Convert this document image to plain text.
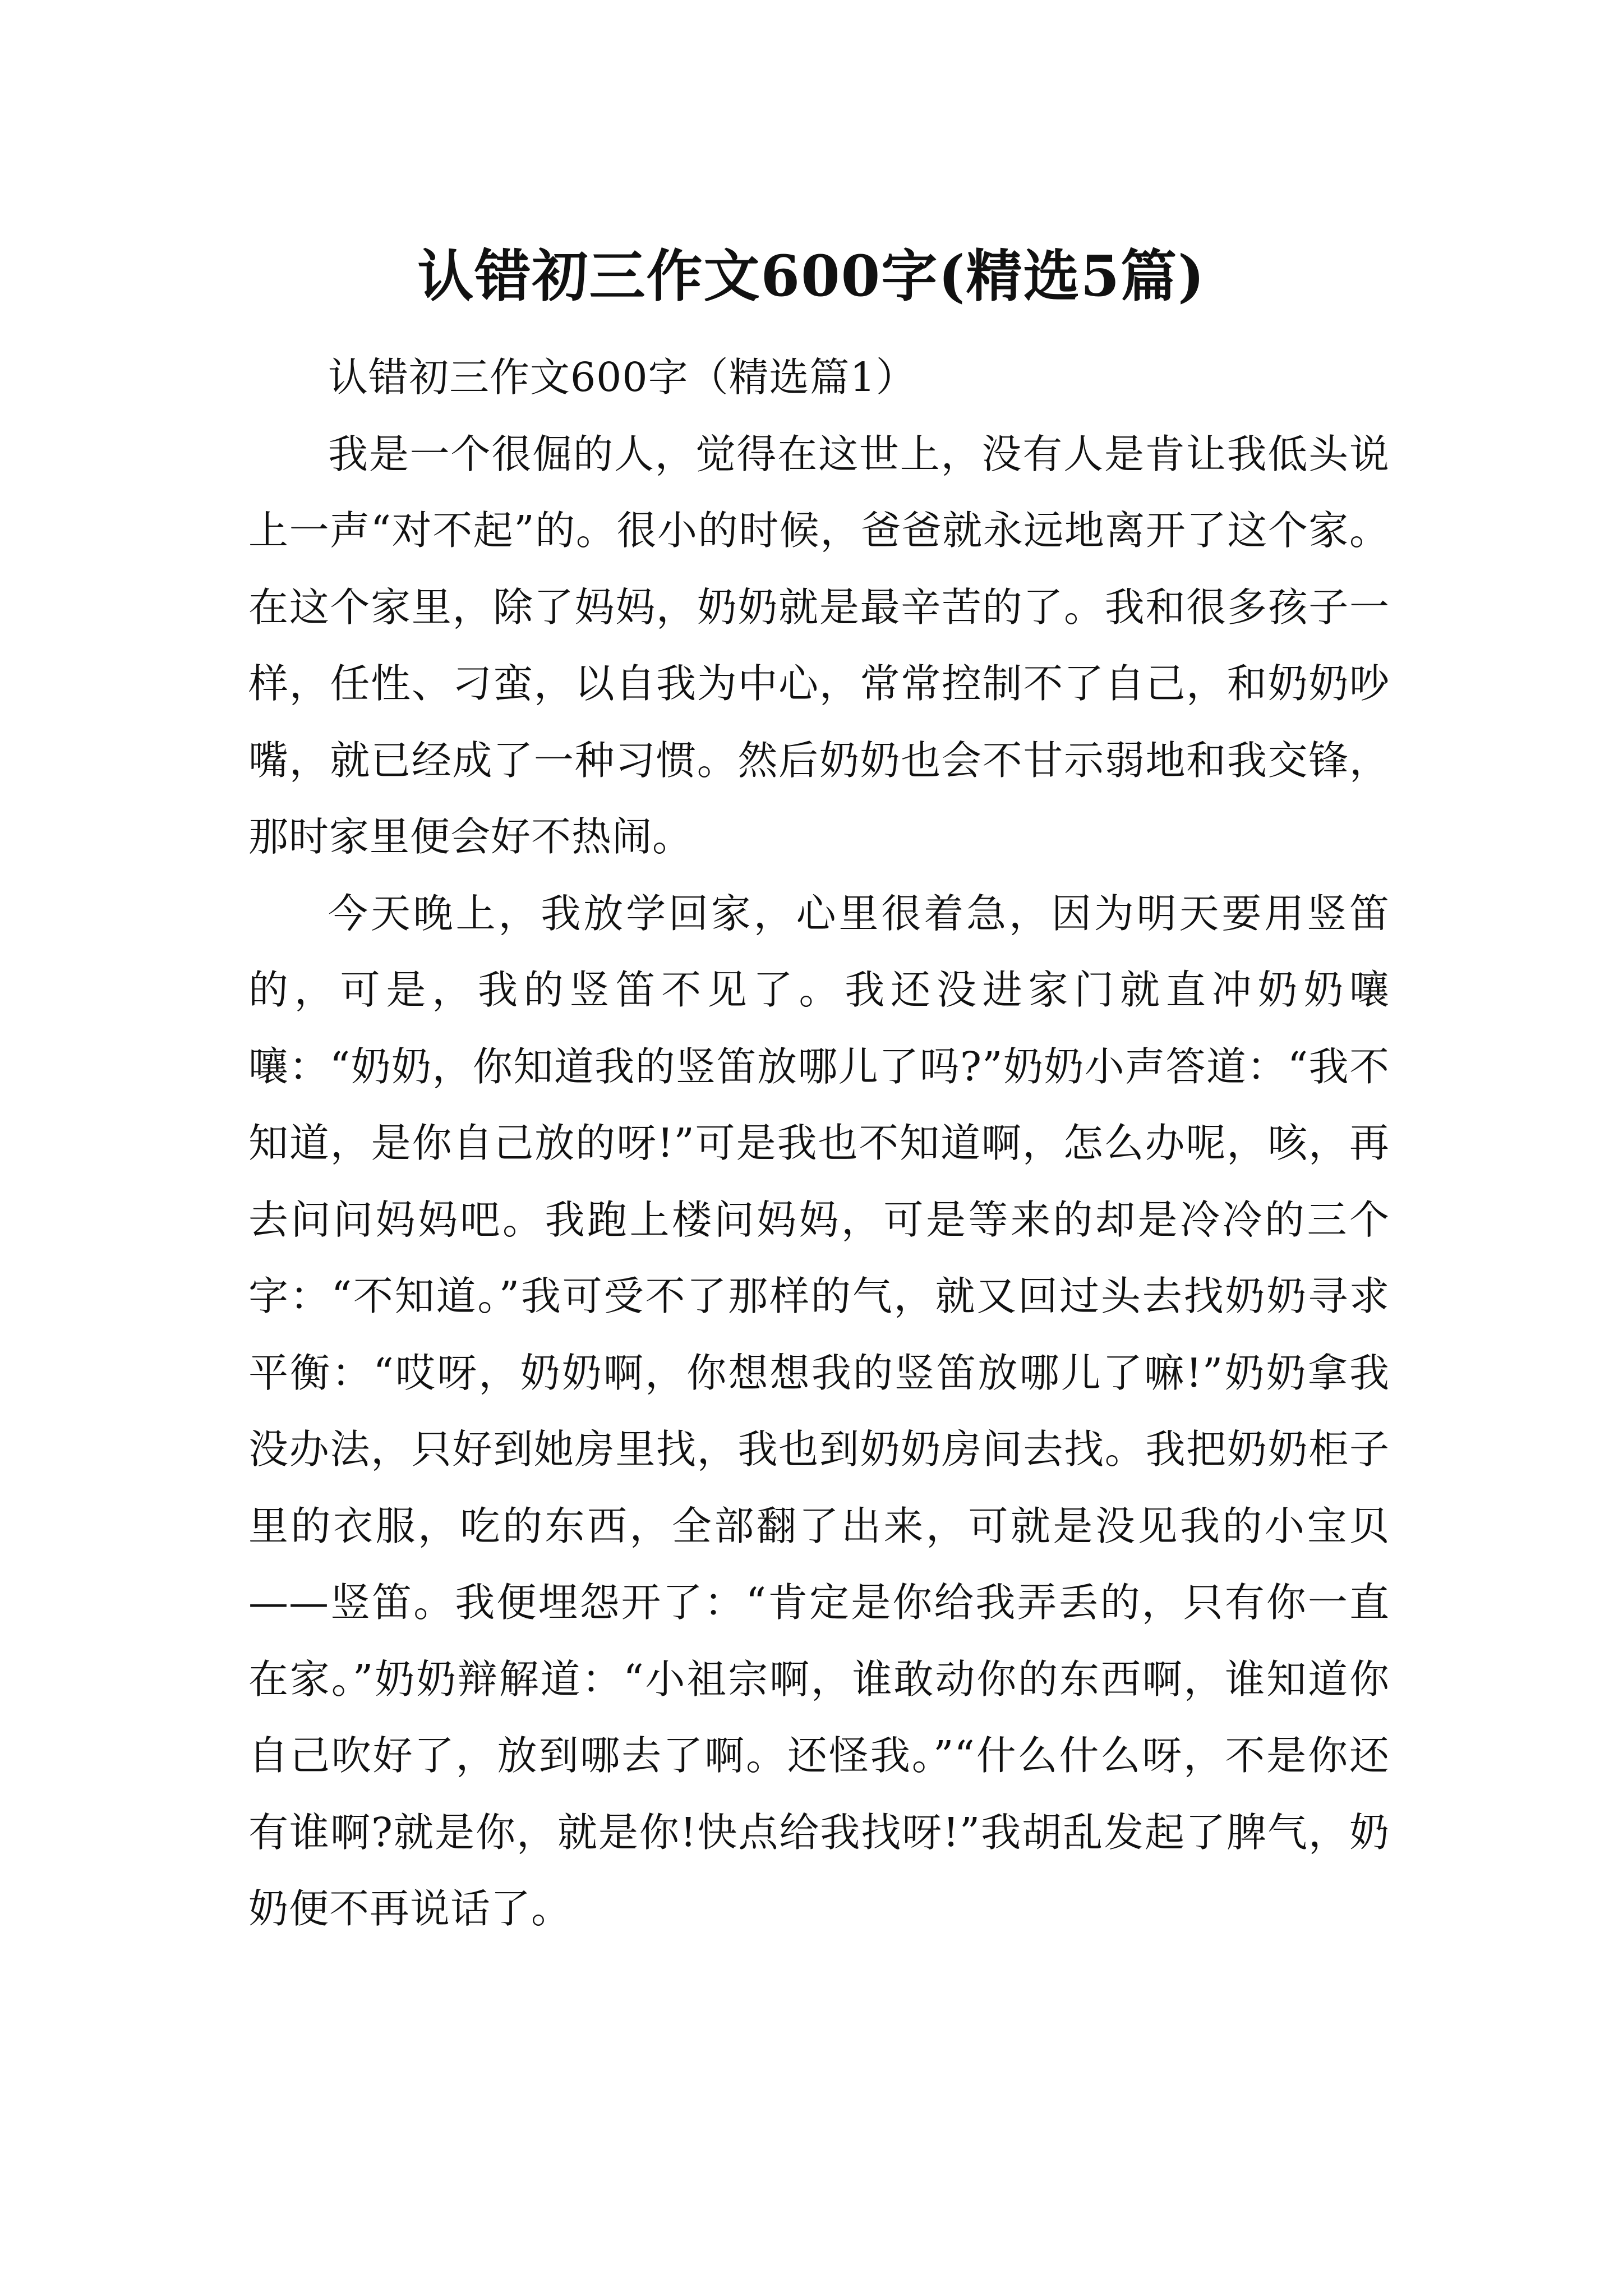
认错初三作文600字(精选5篇)

认错初三作文600字（精选篇1）

我是一个很倔的人，觉得在这世上，没有人是肯让我低头说上一声“对不起”的。很小的时候，爸爸就永远地离开了这个家。在这个家里，除了妈妈，奶奶就是最辛苦的了。我和很多孩子一样，任性、刁蛮，以自我为中心，常常控制不了自己，和奶奶吵嘴，就已经成了一种习惯。然后奶奶也会不甘示弱地和我交锋，那时家里便会好不热闹。

今天晚上，我放学回家，心里很着急，因为明天要用竖笛的，可是，我的竖笛不见了。我还没进家门就直冲奶奶嚷嚷：“奶奶，你知道我的竖笛放哪儿了吗?”奶奶小声答道：“我不知道，是你自己放的呀!”可是我也不知道啊，怎么办呢，咳，再去问问妈妈吧。我跑上楼问妈妈，可是等来的却是冷冷的三个字：“不知道。”我可受不了那样的气，就又回过头去找奶奶寻求平衡：“哎呀，奶奶啊，你想想我的竖笛放哪儿了嘛!”奶奶拿我没办法，只好到她房里找，我也到奶奶房间去找。我把奶奶柜子里的衣服，吃的东西，全部翻了出来，可就是没见我的小宝贝——竖笛。我便埋怨开了：“肯定是你给我弄丢的，只有你一直在家。”奶奶辩解道：“小祖宗啊，谁敢动你的东西啊，谁知道你自己吹好了，放到哪去了啊。还怪我。”“什么什么呀，不是你还有谁啊?就是你，就是你!快点给我找呀!”我胡乱发起了脾气，奶奶便不再说话了。
